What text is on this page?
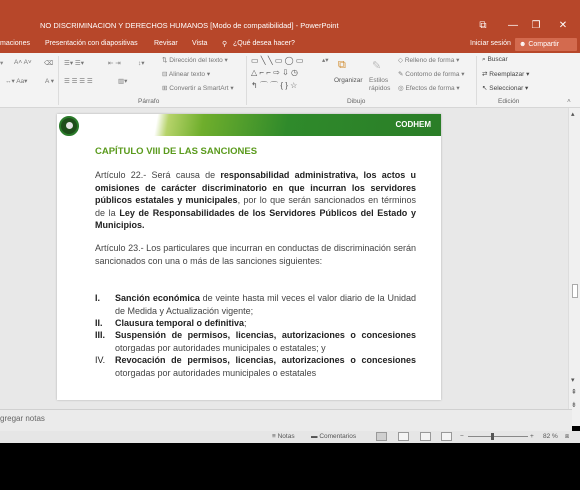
NO DISCRIMINACION Y DERECHOS HUMANOS [Modo de compatibilidad] - PowerPoint	⧉	—	❐	✕
maciones Presentación con diapositivas Revisar Vista ⚲ ¿Qué desea hacer?	Iniciar sesión	☻ Compartir
▾ A˄ A˅ ⌫
↔▾ Aa▾	A ▾
☰▾ ☰▾	⇤ ⇥	↕▾
☰ ☰ ☰ ☰	▥▾
⇅ Dirección del texto ▾
⊟ Alinear texto ▾
⊞ Convertir a SmartArt ▾
Párrafo
▭ ╲ ╲ ▭ ◯ ▭
△ ⌐ ⌐ ⇨ ⇩ ◷
↰ ⌒ ⌒ { } ☆
▴▾ ⧉
Organizar
✎
Estilos rápidos
◇ Relleno de forma ▾
✎ Contorno de forma ▾
◎ Efectos de forma ▾
Dibujo
⌕ Buscar
⇄ Reemplazar ▾
↖ Seleccionar ▾
Edición	˄
▴
▾
⇞
⇟
CODHEM
CAPÍTULO VIII DE LAS SANCIONES
Artículo 22.- Será causa de responsabilidad administrativa, los actos u omisiones de carácter discriminatorio en que incurran los servidores públicos estatales y municipales, por lo que serán sancionados en términos de la Ley de Responsabilidades de los Servidores Públicos del Estado y Municipios.
Artículo 23.- Los particulares que incurran en conductas de discriminación serán sancionados con una o más de las sanciones siguientes:
I. Sanción económica de veinte hasta mil veces el valor diario de la Unidad de Medida y Actualización vigente;
II. Clausura temporal o definitiva;
III. Suspensión de permisos, licencias, autorizaciones o concesiones otorgadas por autoridades municipales o estatales; y
IV. Revocación de permisos, licencias, autorizaciones o concesiones otorgadas por autoridades municipales o estatales
gregar notas
≡ Notas	▬ Comentarios	−	+ 82 % ⧈
